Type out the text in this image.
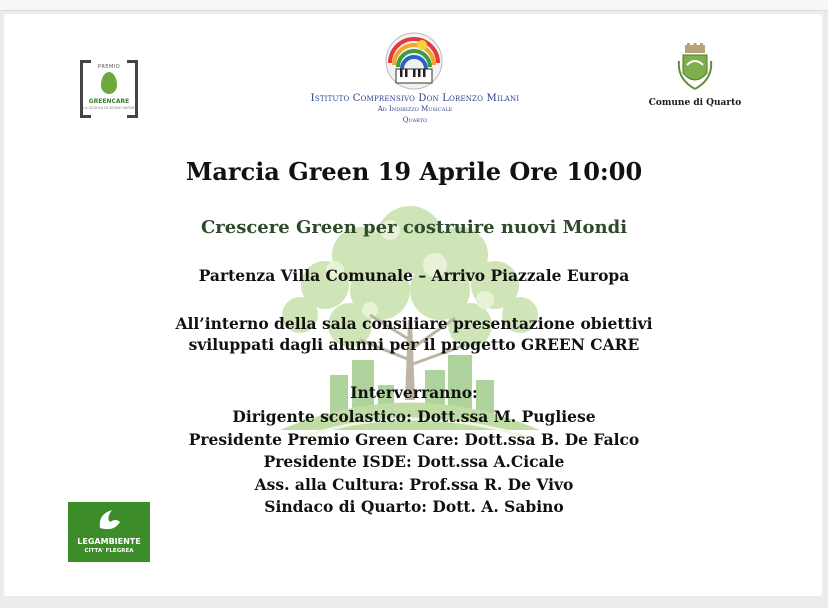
PREMIO
GREENCARE
LA SCUOLA DI SEGNO VERDE
Istituto Comprensivo Don Lorenzo Milani
Ad Indirizzo Musicale
Quarto
Comune di Quarto
Marcia Green 19 Aprile Ore 10:00
Crescere Green per costruire nuovi Mondi
Partenza Villa Comunale – Arrivo Piazzale Europa
All’interno della sala consiliare presentazione obiettivi
sviluppati dagli alunni per il progetto GREEN CARE
Interverranno:
Dirigente scolastico: Dott.ssa M. Pugliese
Presidente Premio Green Care: Dott.ssa B. De Falco
Presidente ISDE: Dott.ssa A.Cicale
Ass. alla Cultura: Prof.ssa R. De Vivo
Sindaco di Quarto: Dott. A. Sabino
LEGAMBIENTE
CITTA' FLEGREA
